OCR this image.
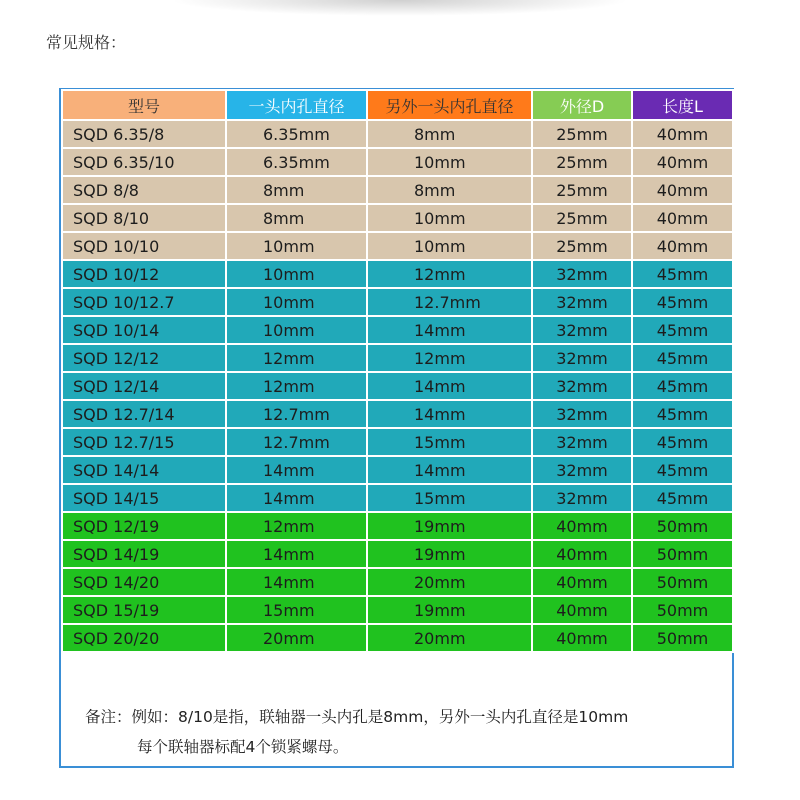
常见规格：
型号	一头内孔直径	另外一头内孔直径	外径D	长度L
SQD 6.35/8	6.35mm	8mm	25mm	40mm
SQD 6.35/10	6.35mm	10mm	25mm	40mm
SQD 8/8	8mm	8mm	25mm	40mm
SQD 8/10	8mm	10mm	25mm	40mm
SQD 10/10	10mm	10mm	25mm	40mm
SQD 10/12	10mm	12mm	32mm	45mm
SQD 10/12.7	10mm	12.7mm	32mm	45mm
SQD 10/14	10mm	14mm	32mm	45mm
SQD 12/12	12mm	12mm	32mm	45mm
SQD 12/14	12mm	14mm	32mm	45mm
SQD 12.7/14	12.7mm	14mm	32mm	45mm
SQD 12.7/15	12.7mm	15mm	32mm	45mm
SQD 14/14	14mm	14mm	32mm	45mm
SQD 14/15	14mm	15mm	32mm	45mm
SQD 12/19	12mm	19mm	40mm	50mm
SQD 14/19	14mm	19mm	40mm	50mm
SQD 14/20	14mm	20mm	40mm	50mm
SQD 15/19	15mm	19mm	40mm	50mm
SQD 20/20	20mm	20mm	40mm	50mm
备注：例如：8/10是指，联轴器一头内孔是8mm，另外一头内孔直径是10mm
每个联轴器标配4个锁紧螺母。
